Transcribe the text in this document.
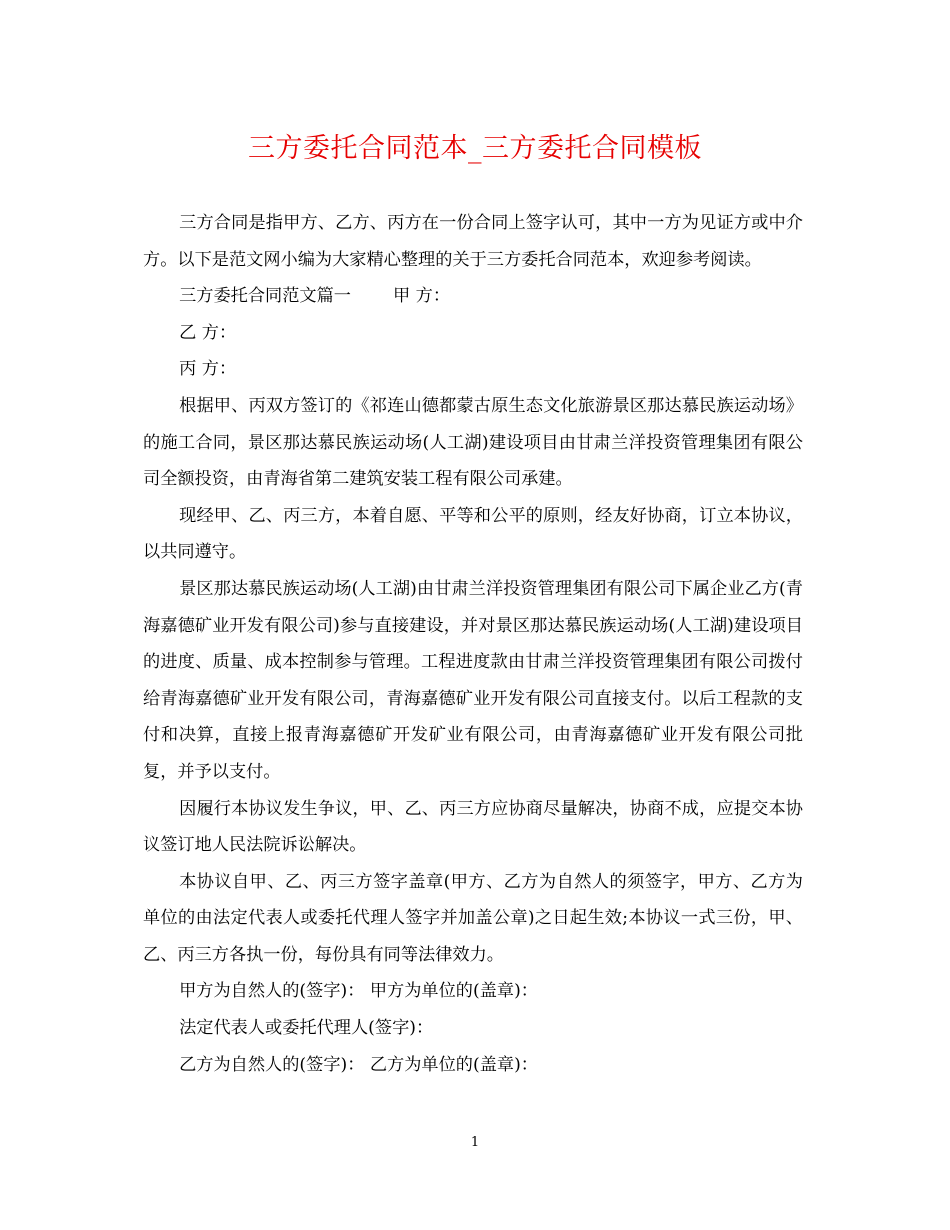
三方委托合同范本_三方委托合同模板

三方合同是指甲方、乙方、丙方在一份合同上签字认可，其中一方为见证方或中介方。以下是范文网小编为大家精心整理的关于三方委托合同范本，欢迎参考阅读。

三方委托合同范文篇一 甲 方：

乙 方：

丙 方：

根据甲、丙双方签订的《祁连山德都蒙古原生态文化旅游景区那达慕民族运动场》的施工合同，景区那达慕民族运动场(人工湖)建设项目由甘肃兰洋投资管理集团有限公司全额投资，由青海省第二建筑安装工程有限公司承建。

现经甲、乙、丙三方，本着自愿、平等和公平的原则，经友好协商，订立本协议，以共同遵守。

景区那达慕民族运动场(人工湖)由甘肃兰洋投资管理集团有限公司下属企业乙方(青海嘉德矿业开发有限公司)参与直接建设，并对景区那达慕民族运动场(人工湖)建设项目的进度、质量、成本控制参与管理。工程进度款由甘肃兰洋投资管理集团有限公司拨付给青海嘉德矿业开发有限公司，青海嘉德矿业开发有限公司直接支付。以后工程款的支付和决算，直接上报青海嘉德矿开发矿业有限公司，由青海嘉德矿业开发有限公司批复，并予以支付。

因履行本协议发生争议，甲、乙、丙三方应协商尽量解决，协商不成，应提交本协议签订地人民法院诉讼解决。

本协议自甲、乙、丙三方签字盖章(甲方、乙方为自然人的须签字，甲方、乙方为单位的由法定代表人或委托代理人签字并加盖公章)之日起生效;本协议一式三份，甲、乙、丙三方各执一份，每份具有同等法律效力。

甲方为自然人的(签字)： 甲方为单位的(盖章)：

法定代表人或委托代理人(签字)：

乙方为自然人的(签字)： 乙方为单位的(盖章)：

1
